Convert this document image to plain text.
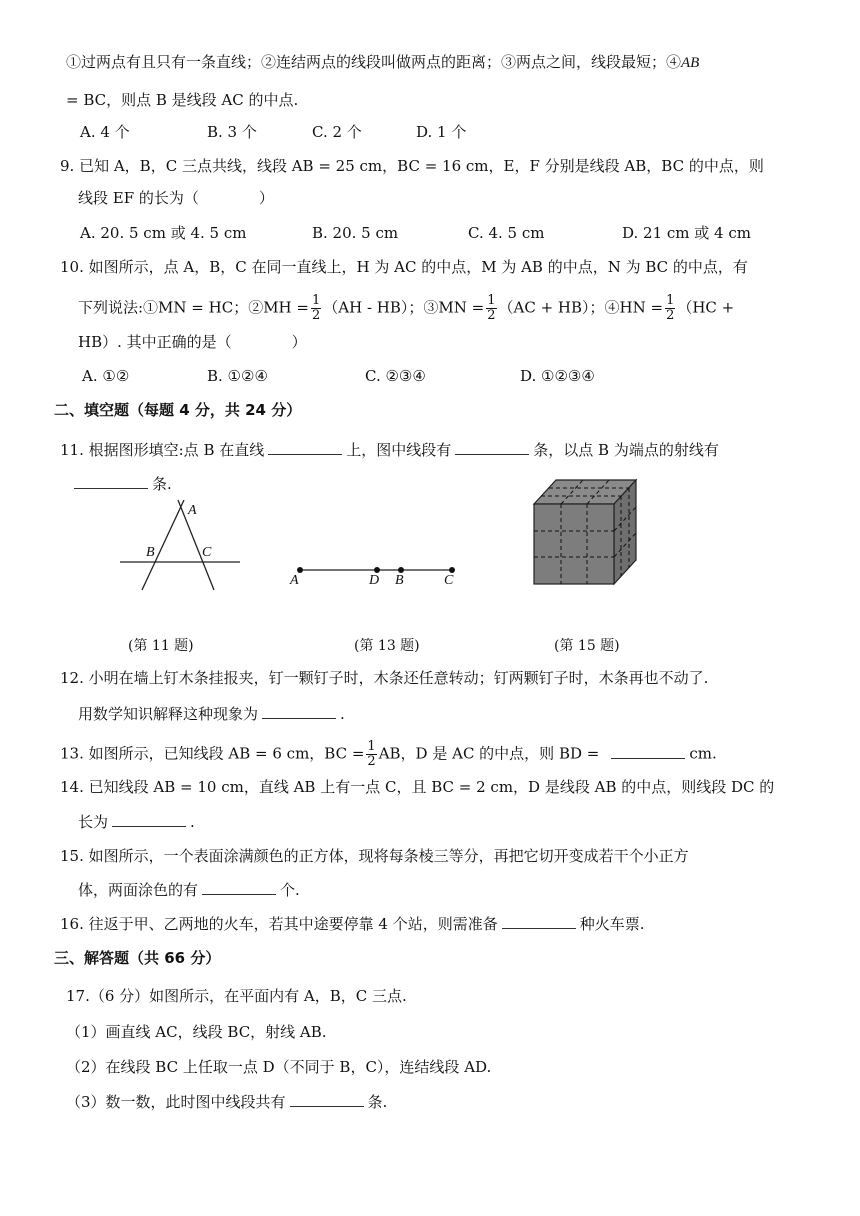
①过两点有且只有一条直线；②连结两点的线段叫做两点的距离；③两点之间，线段最短；④AB
= BC，则点 B 是线段 AC 的中点.
A. 4 个	B. 3 个	C. 2 个	D. 1 个
9. 已知 A，B，C 三点共线，线段 AB = 25 cm，BC = 16 cm，E，F 分别是线段 AB，BC 的中点，则
线段 EF 的长为（　　　　）
A. 20. 5 cm 或 4. 5 cm	B. 20. 5 cm	C. 4. 5 cm	D. 21 cm 或 4 cm
10. 如图所示，点 A，B，C 在同一直线上，H 为 AC 的中点，M 为 AB 的中点，N 为 BC 的中点，有
下列说法:①MN = HC；②MH = $\frac{1}{2} (AH - HB)$；③MN = $\frac{1}{2} (AC + HB)$；④HN = $\frac{1}{2} (HC$ +
HB）. 其中正确的是（　　　　）
A. ①②	B. ①②④	C. ②③④	D. ①②③④
二、填空题（每题 4 分，共 24 分）
11. 根据图形填空:点 B 在直线	上，图中线段有	条，以点 B 为端点的射线有
条.
A
B	C
A	D B	C
(第 11 题)	(第 13 题)	(第 15 题)
12. 小明在墙上钉木条挂报夹，钉一颗钉子时，木条还任意转动；钉两颗钉子时，木条再也不动了.
用数学知识解释这种现象为	.
13. 如图所示，已知线段 AB = 6 cm，BC = $\frac{1}{2}$ AB，D 是 AC 的中点，则 BD =	cm.
14. 已知线段 AB = 10 cm，直线 AB 上有一点 C，且 BC = 2 cm，D 是线段 AB 的中点，则线段 DC 的
长为	.
15. 如图所示，一个表面涂满颜色的正方体，现将每条棱三等分，再把它切开变成若干个小正方
体，两面涂色的有	个.
16. 往返于甲、乙两地的火车，若其中途要停靠 4 个站，则需准备	种火车票.
三、解答题（共 66 分）
17.（6 分）如图所示，在平面内有 A，B，C 三点.
（1）画直线 AC，线段 BC，射线 AB.
（2）在线段 BC 上任取一点 D（不同于 B，C），连结线段 AD.
（3）数一数，此时图中线段共有	条.
